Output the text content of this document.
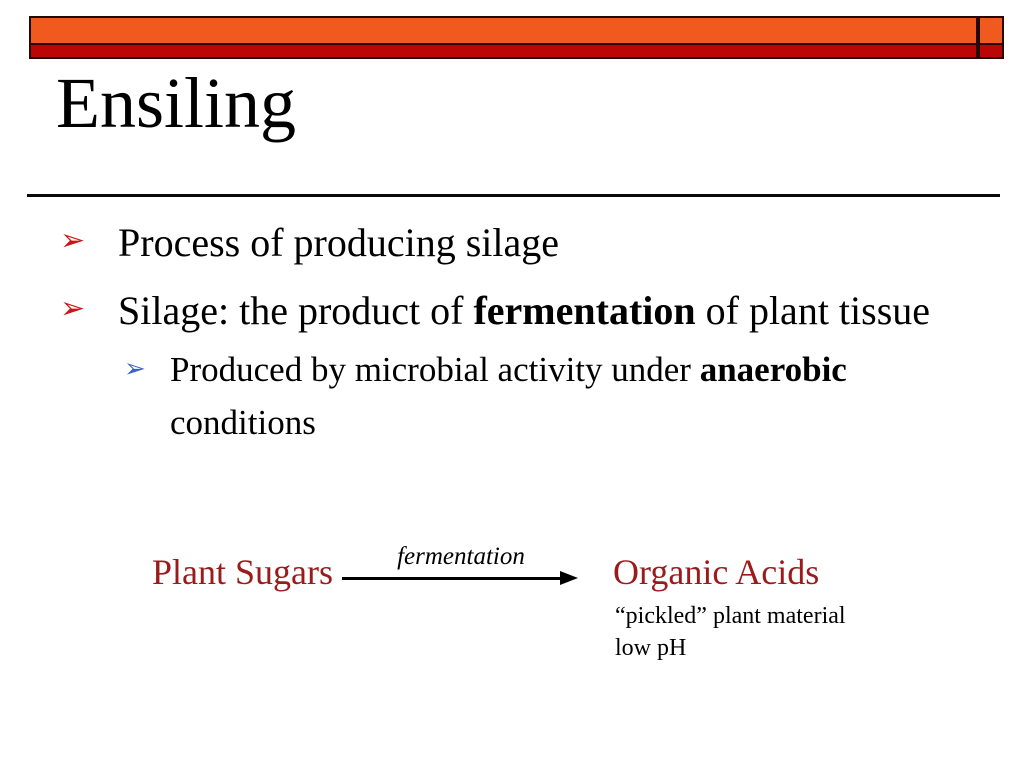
Ensiling
➢ Process of producing silage
➢ Silage: the product of fermentation of plant tissue
➢ Produced by microbial activity under anaerobic conditions
Plant Sugars	fermentation	Organic Acids
“pickled” plant material
low pH
